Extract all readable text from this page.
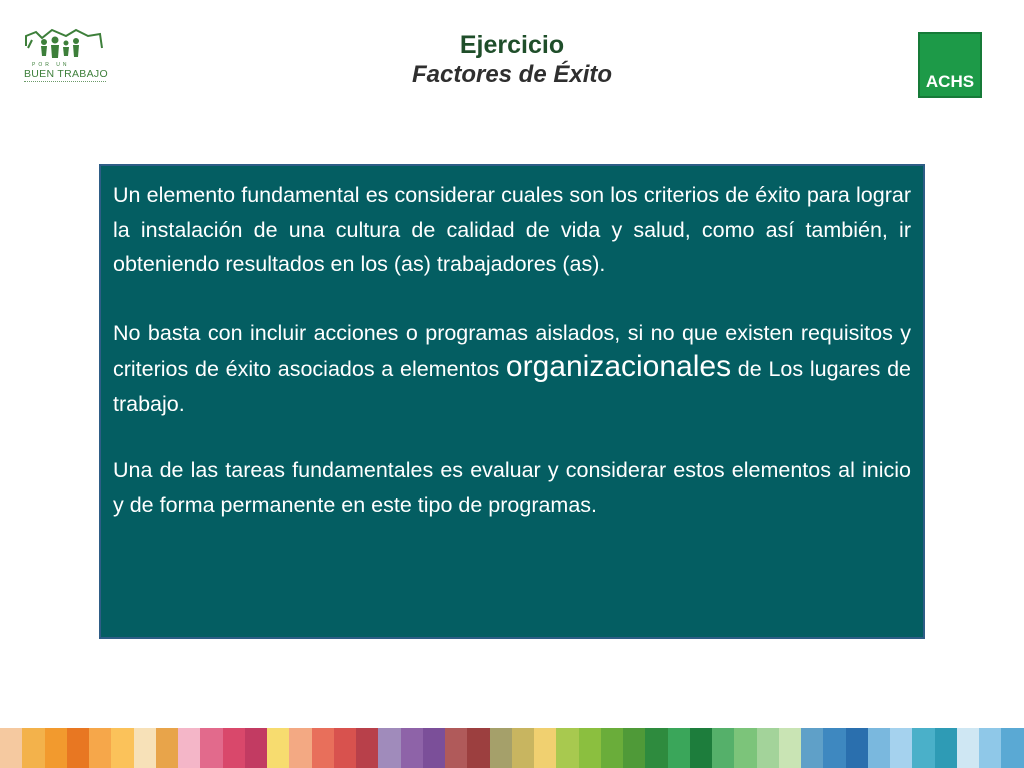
POR UN
BUEN TRABAJO
Ejercicio
Factores de Éxito	ACHS

Un elemento fundamental es considerar cuales son los criterios de éxito para lograr la instalación de una cultura de calidad de vida y salud, como así también, ir obteniendo resultados en los (as) trabajadores (as).

No basta con incluir acciones o programas aislados, si no que existen requisitos y criterios de éxito asociados a elementos organizacionales de Los lugares de trabajo.

Una de las tareas fundamentales es evaluar y considerar estos elementos al inicio y de forma permanente en este tipo de programas.
